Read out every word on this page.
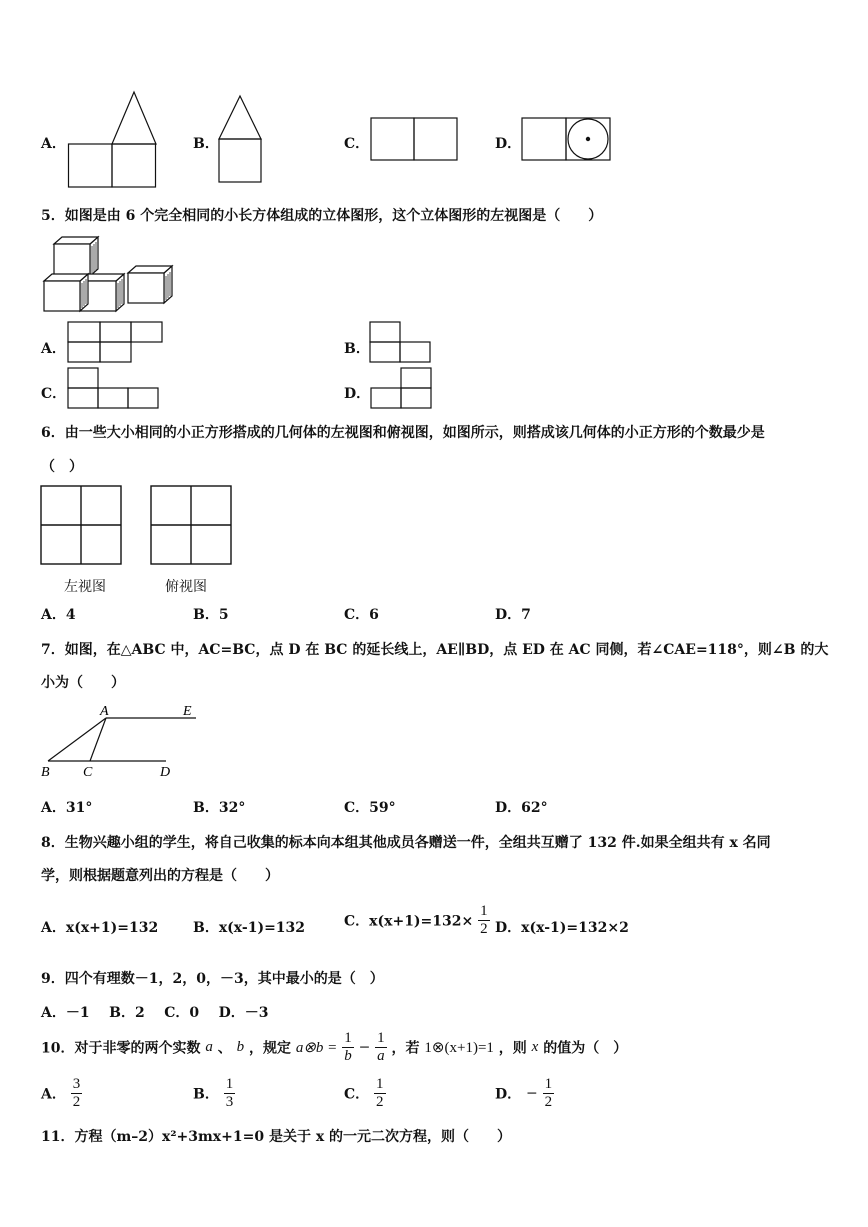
A．	B．	C．	D．
5．如图是由 6 个完全相同的小长方体组成的立体图形，这个立体图形的左视图是（　　）
A．	B．
C．	D．
6．由一些大小相同的小正方形搭成的几何体的左视图和俯视图，如图所示，则搭成该几何体的小正方形的个数最少是
（　）
左视图	俯视图
A．4	B．5	C．6	D．7
7．如图，在△ABC 中，AC=BC，点 D 在 BC 的延长线上，AE∥BD，点 ED 在 AC 同侧，若∠CAE=118°，则∠B 的大
小为（　　）
A	E
B C	D
A．31°	B．32°	C．59°	D．62°
8．生物兴趣小组的学生，将自己收集的标本向本组其他成员各赠送一件，全组共互赠了 132 件.如果全组共有 x 名同
学，则根据题意列出的方程是（　　）
A．x(x+1)=132 B．x(x-1)=132	C．$x(x+1)=132\times \frac{1}{2}$ D．x(x-1)=132×2
9．四个有理数－1，2，0，－3，其中最小的是（　）
A．－1 B．2 C．0 D．－3
10．对于非零的两个实数 a 、 b ，规定 a⊗b = $\frac{1}{b} - \frac{1}{a}$ ，若 1⊗(x+1)=1 ，则 x 的值为（　）
A． $\frac{3}{2}$	B． $\frac{1}{3}$	C． $\frac{1}{2}$	D． − $\frac{1}{2}$
11．方程（m–2）x²+3mx+1=0 是关于 x 的一元二次方程，则（　　）
